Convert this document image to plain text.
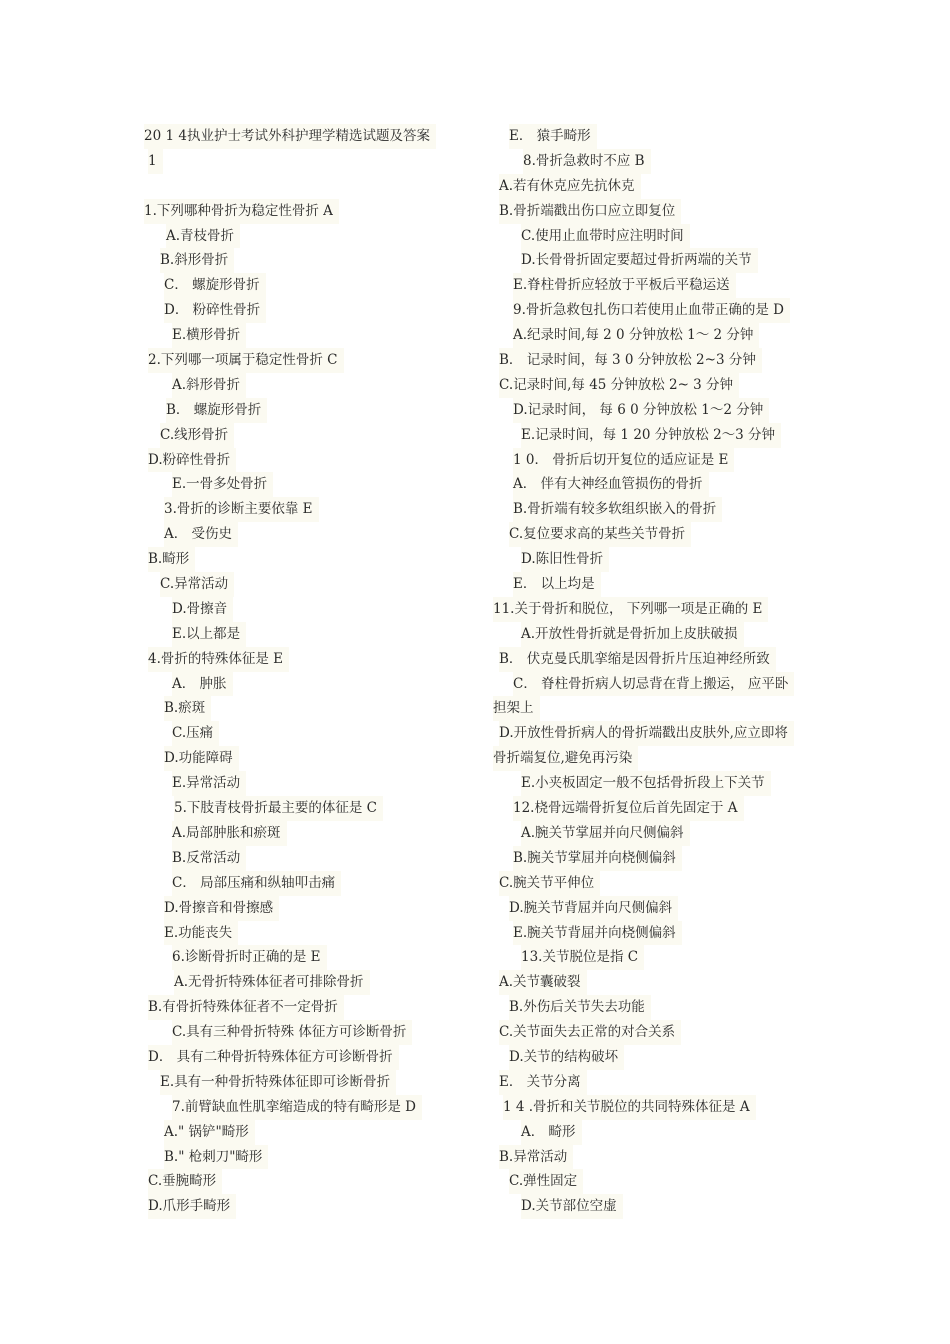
20 1 4执业护士考试外科护理学精选试题及答案
1
1.下列哪种骨折为稳定性骨折 A
A.青枝骨折
B.斜形骨折
C． 螺旋形骨折
D． 粉碎性骨折
E.横形骨折
2.下列哪一项属于稳定性骨折 C
A.斜形骨折
B． 螺旋形骨折
C.线形骨折
D.粉碎性骨折
E.一骨多处骨折
3.骨折的诊断主要依靠 E
A． 受伤史
B.畸形
C.异常活动
D.骨擦音
E.以上都是
4.骨折的特殊体征是 E
A． 肿胀
B.瘀斑
C.压痛
D.功能障碍
E.异常活动
5.下肢青枝骨折最主要的体征是 C
A.局部肿胀和瘀斑
B.反常活动
C． 局部压痛和纵轴叩击痛
D.骨擦音和骨擦感
E.功能丧失
6.诊断骨折时正确的是 E
A.无骨折特殊体征者可排除骨折
B.有骨折特殊体征者不一定骨折
C.具有三种骨折特殊 体征方可诊断骨折
D． 具有二种骨折特殊体征方可诊断骨折
E.具有一种骨折特殊体征即可诊断骨折
7.前臂缺血性肌挛缩造成的特有畸形是 D
A." 锅铲"畸形
B." 枪刺刀"畸形
C.垂腕畸形
D.爪形手畸形
E． 猿手畸形
8.骨折急救时不应 B
A.若有休克应先抗休克
B.骨折端戳出伤口应立即复位
C.使用止血带时应注明时间
D.长骨骨折固定要超过骨折两端的关节
E.脊柱骨折应轻放于平板后平稳运送
9.骨折急救包扎伤口若使用止血带正确的是 D
A.纪录时间,每 2 0 分钟放松 1～ 2 分钟
B． 记录时间，每 3 0 分钟放松 2~3 分钟
C.记录时间,每 45 分钟放松 2~ 3 分钟
D.记录时间， 每 6 0 分钟放松 1～2 分钟
E.记录时间，每 1 20 分钟放松 2～3 分钟
1 0． 骨折后切开复位的适应证是 E
A． 伴有大神经血管损伤的骨折
B.骨折端有较多软组织嵌入的骨折
C.复位要求高的某些关节骨折
D.陈旧性骨折
E． 以上均是
11.关于骨折和脱位， 下列哪一项是正确的 E
A.开放性骨折就是骨折加上皮肤破损
B． 伏克曼氏肌挛缩是因骨折片压迫神经所致
C． 脊柱骨折病人切忌背在背上搬运， 应平卧
担架上
D.开放性骨折病人的骨折端戳出皮肤外,应立即将
骨折端复位,避免再污染
E.小夹板固定一般不包括骨折段上下关节
12.桡骨远端骨折复位后首先固定于 A
A.腕关节掌屈并向尺侧偏斜
B.腕关节掌屈并向桡侧偏斜
C.腕关节平伸位
D.腕关节背屈并向尺侧偏斜
E.腕关节背屈并向桡侧偏斜
13.关节脱位是指 C
A.关节囊破裂
B.外伤后关节失去功能
C.关节面失去正常的对合关系
D.关节的结构破坏
E． 关节分离
1 4 .骨折和关节脱位的共同特殊体征是 A
A． 畸形
B.异常活动
C.弹性固定
D.关节部位空虚
